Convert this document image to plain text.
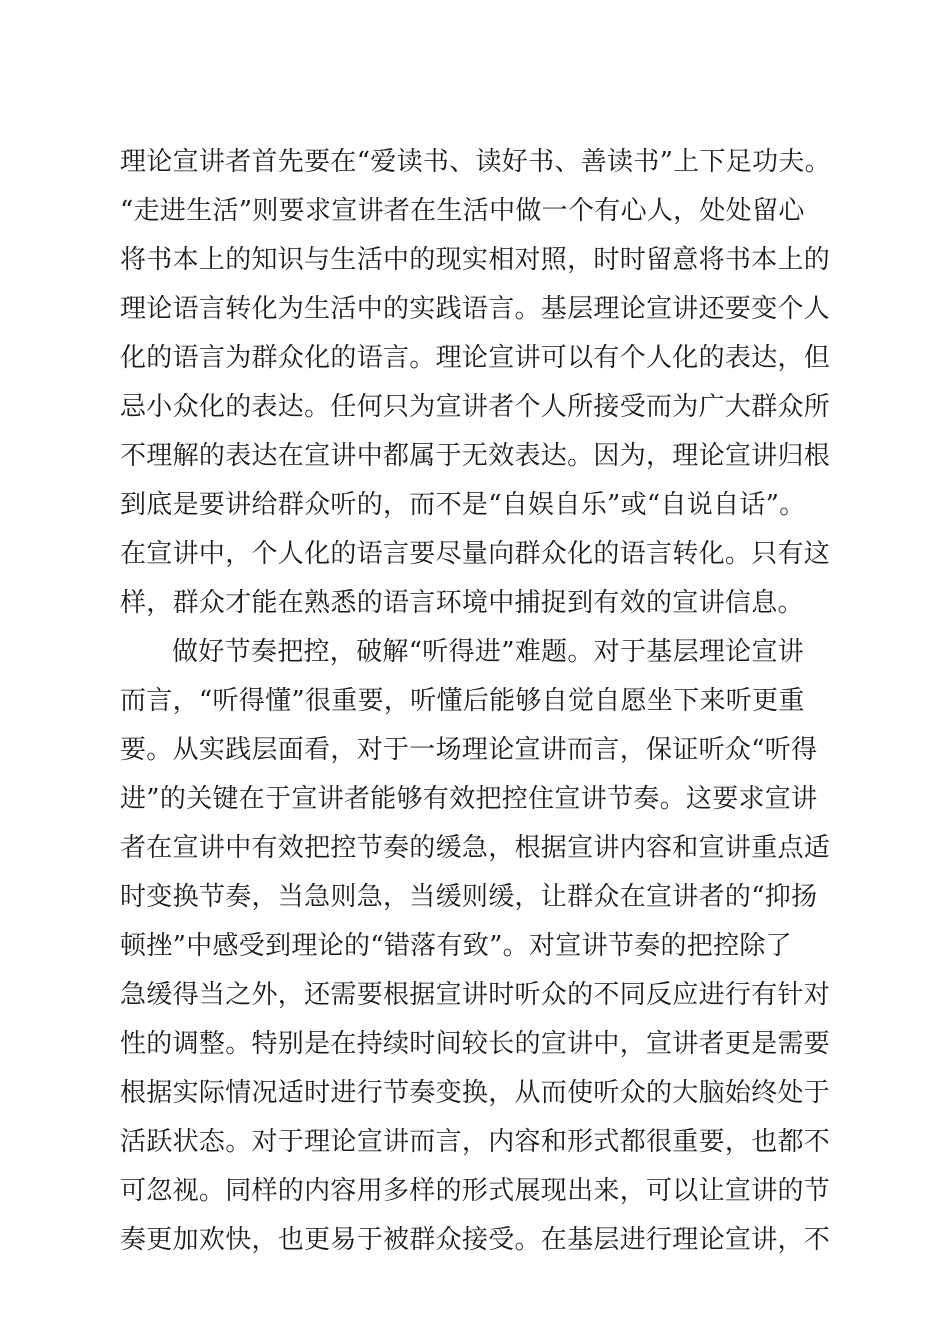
理论宣讲者首先要在“爱读书、读好书、善读书”上下足功夫。
“走进生活”则要求宣讲者在生活中做一个有心人，处处留心
将书本上的知识与生活中的现实相对照，时时留意将书本上的
理论语言转化为生活中的实践语言。基层理论宣讲还要变个人
化的语言为群众化的语言。理论宣讲可以有个人化的表达，但
忌小众化的表达。任何只为宣讲者个人所接受而为广大群众所
不理解的表达在宣讲中都属于无效表达。因为，理论宣讲归根
到底是要讲给群众听的，而不是“自娱自乐”或“自说自话”。
在宣讲中，个人化的语言要尽量向群众化的语言转化。只有这
样，群众才能在熟悉的语言环境中捕捉到有效的宣讲信息。
做好节奏把控，破解“听得进”难题。对于基层理论宣讲
而言，“听得懂”很重要，听懂后能够自觉自愿坐下来听更重
要。从实践层面看，对于一场理论宣讲而言，保证听众“听得
进”的关键在于宣讲者能够有效把控住宣讲节奏。这要求宣讲
者在宣讲中有效把控节奏的缓急，根据宣讲内容和宣讲重点适
时变换节奏，当急则急，当缓则缓，让群众在宣讲者的“抑扬
顿挫”中感受到理论的“错落有致”。对宣讲节奏的把控除了
急缓得当之外，还需要根据宣讲时听众的不同反应进行有针对
性的调整。特别是在持续时间较长的宣讲中，宣讲者更是需要
根据实际情况适时进行节奏变换，从而使听众的大脑始终处于
活跃状态。对于理论宣讲而言，内容和形式都很重要，也都不
可忽视。同样的内容用多样的形式展现出来，可以让宣讲的节
奏更加欢快，也更易于被群众接受。在基层进行理论宣讲，不
